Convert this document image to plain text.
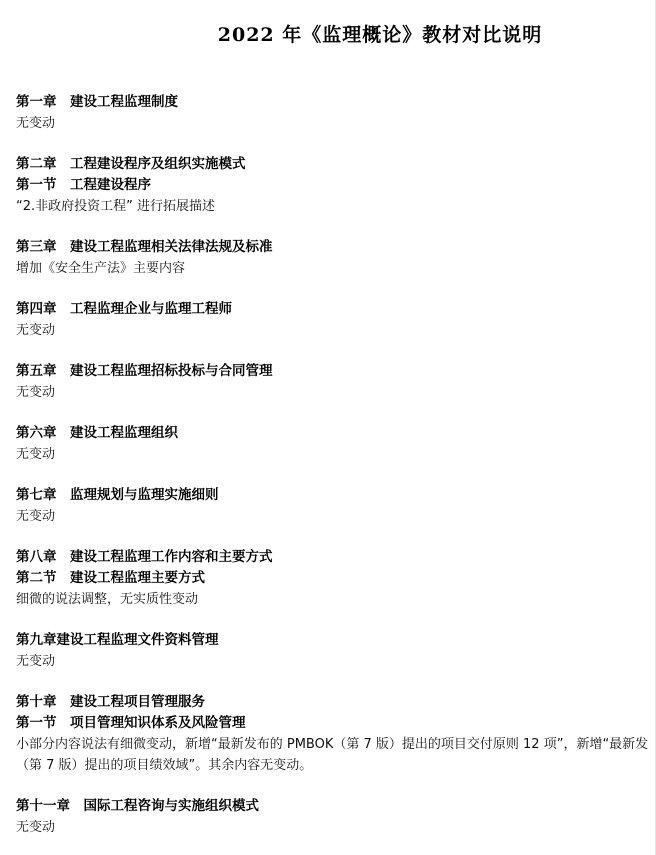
2022 年《监理概论》教材对比说明
第一章　建设工程监理制度
无变动
第二章　工程建设程序及组织实施模式
第一节　工程建设程序
“2.非政府投资工程” 进行拓展描述
第三章　建设工程监理相关法律法规及标准
增加《安全生产法》主要内容
第四章　工程监理企业与监理工程师
无变动
第五章　建设工程监理招标投标与合同管理
无变动
第六章　建设工程监理组织
无变动
第七章　监理规划与监理实施细则
无变动
第八章　建设工程监理工作内容和主要方式
第二节　建设工程监理主要方式
细微的说法调整，无实质性变动
第九章建设工程监理文件资料管理
无变动
第十章　建设工程项目管理服务
第一节　项目管理知识体系及风险管理
小部分内容说法有细微变动，新增“最新发布的 PMBOK（第 7 版）提出的项目交付原则 12 项”，新增“最新发
（第 7 版）提出的项目绩效域”。其余内容无变动。
第十一章　国际工程咨询与实施组织模式
无变动
